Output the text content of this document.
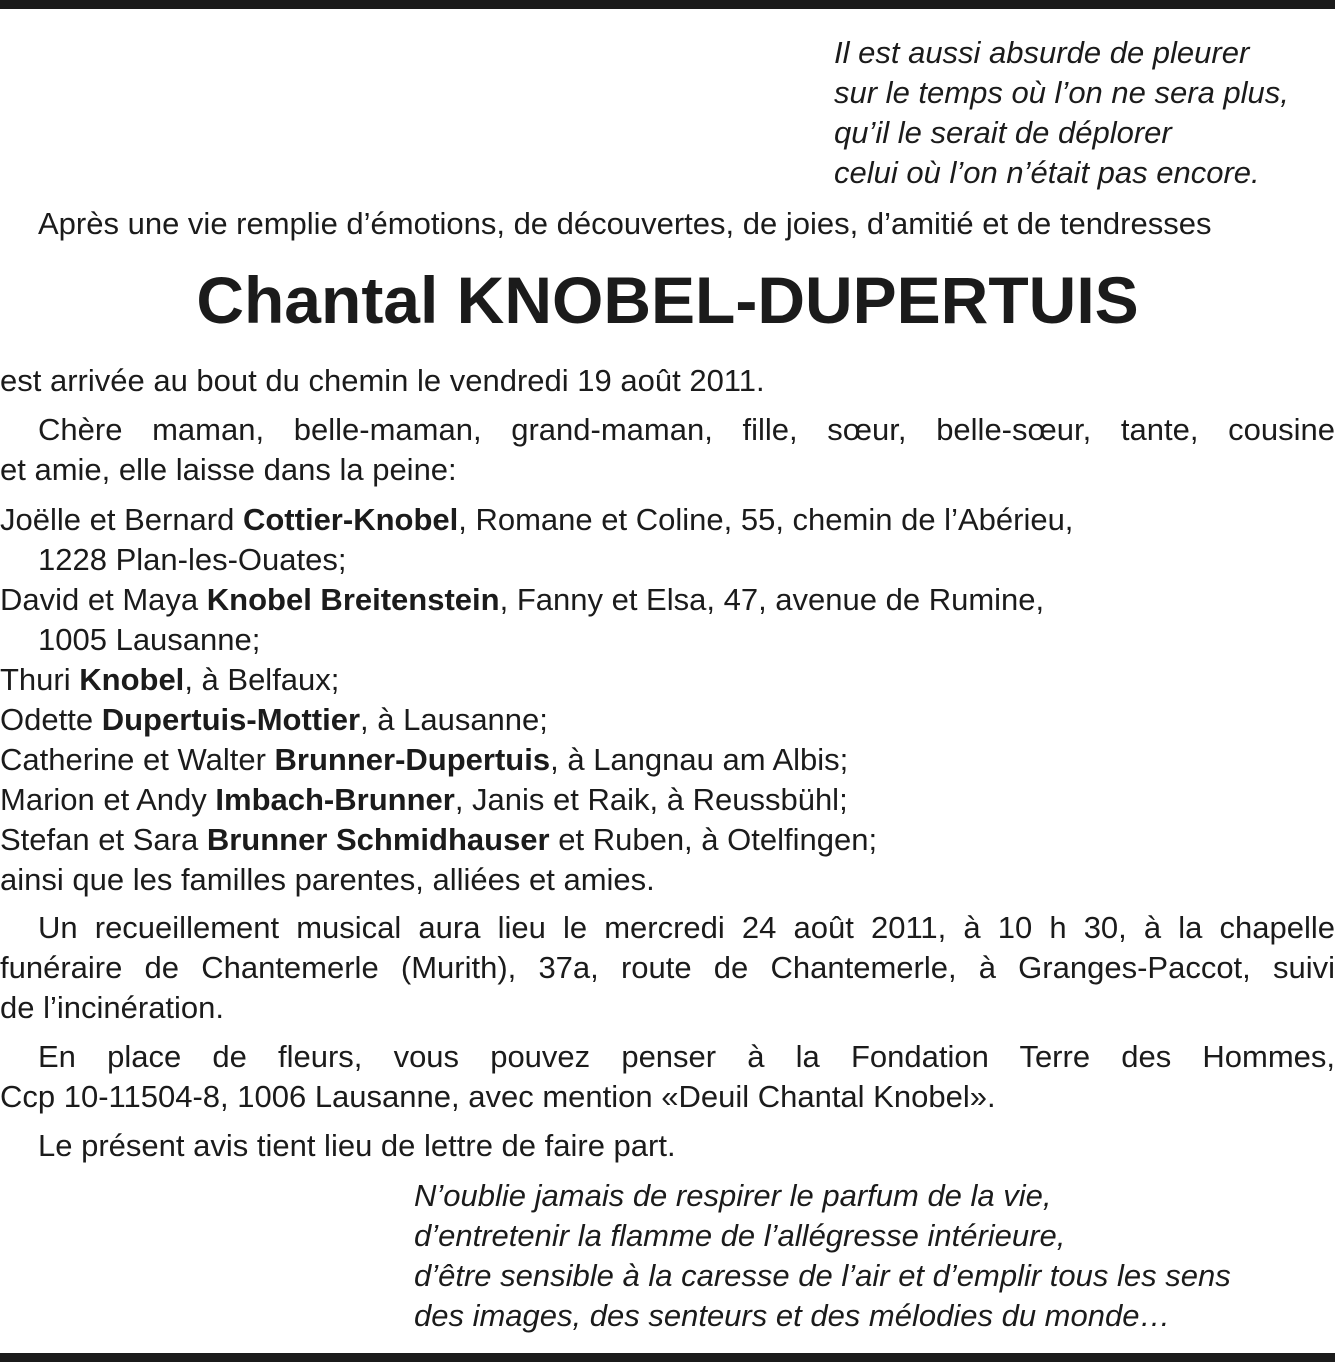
Il est aussi absurde de pleurer
sur le temps où l’on ne sera plus,
qu’il le serait de déplorer
celui où l’on n’était pas encore.
Après une vie remplie d’émotions, de découvertes, de joies, d’amitié et de tendresses
Chantal KNOBEL-DUPERTUIS
est arrivée au bout du chemin le vendredi 19 août 2011.
Chère maman, belle-maman, grand-maman, fille, sœur, belle-sœur, tante, cousine
et amie, elle laisse dans la peine:
Joëlle et Bernard Cottier-Knobel, Romane et Coline, 55, chemin de l’Abérieu,
1228 Plan-les-Ouates;
David et Maya Knobel Breitenstein, Fanny et Elsa, 47, avenue de Rumine,
1005 Lausanne;
Thuri Knobel, à Belfaux;
Odette Dupertuis-Mottier, à Lausanne;
Catherine et Walter Brunner-Dupertuis, à Langnau am Albis;
Marion et Andy Imbach-Brunner, Janis et Raik, à Reussbühl;
Stefan et Sara Brunner Schmidhauser et Ruben, à Otelfingen;
ainsi que les familles parentes, alliées et amies.
Un recueillement musical aura lieu le mercredi 24 août 2011, à 10 h 30, à la chapelle
funéraire de Chantemerle (Murith), 37a, route de Chantemerle, à Granges-Paccot, suivi
de l’incinération.
En place de fleurs, vous pouvez penser à la Fondation Terre des Hommes,
Ccp 10-11504-8, 1006 Lausanne, avec mention «Deuil Chantal Knobel».
Le présent avis tient lieu de lettre de faire part.
N’oublie jamais de respirer le parfum de la vie,
d’entretenir la flamme de l’allégresse intérieure,
d’être sensible à la caresse de l’air et d’emplir tous les sens
des images, des senteurs et des mélodies du monde…
